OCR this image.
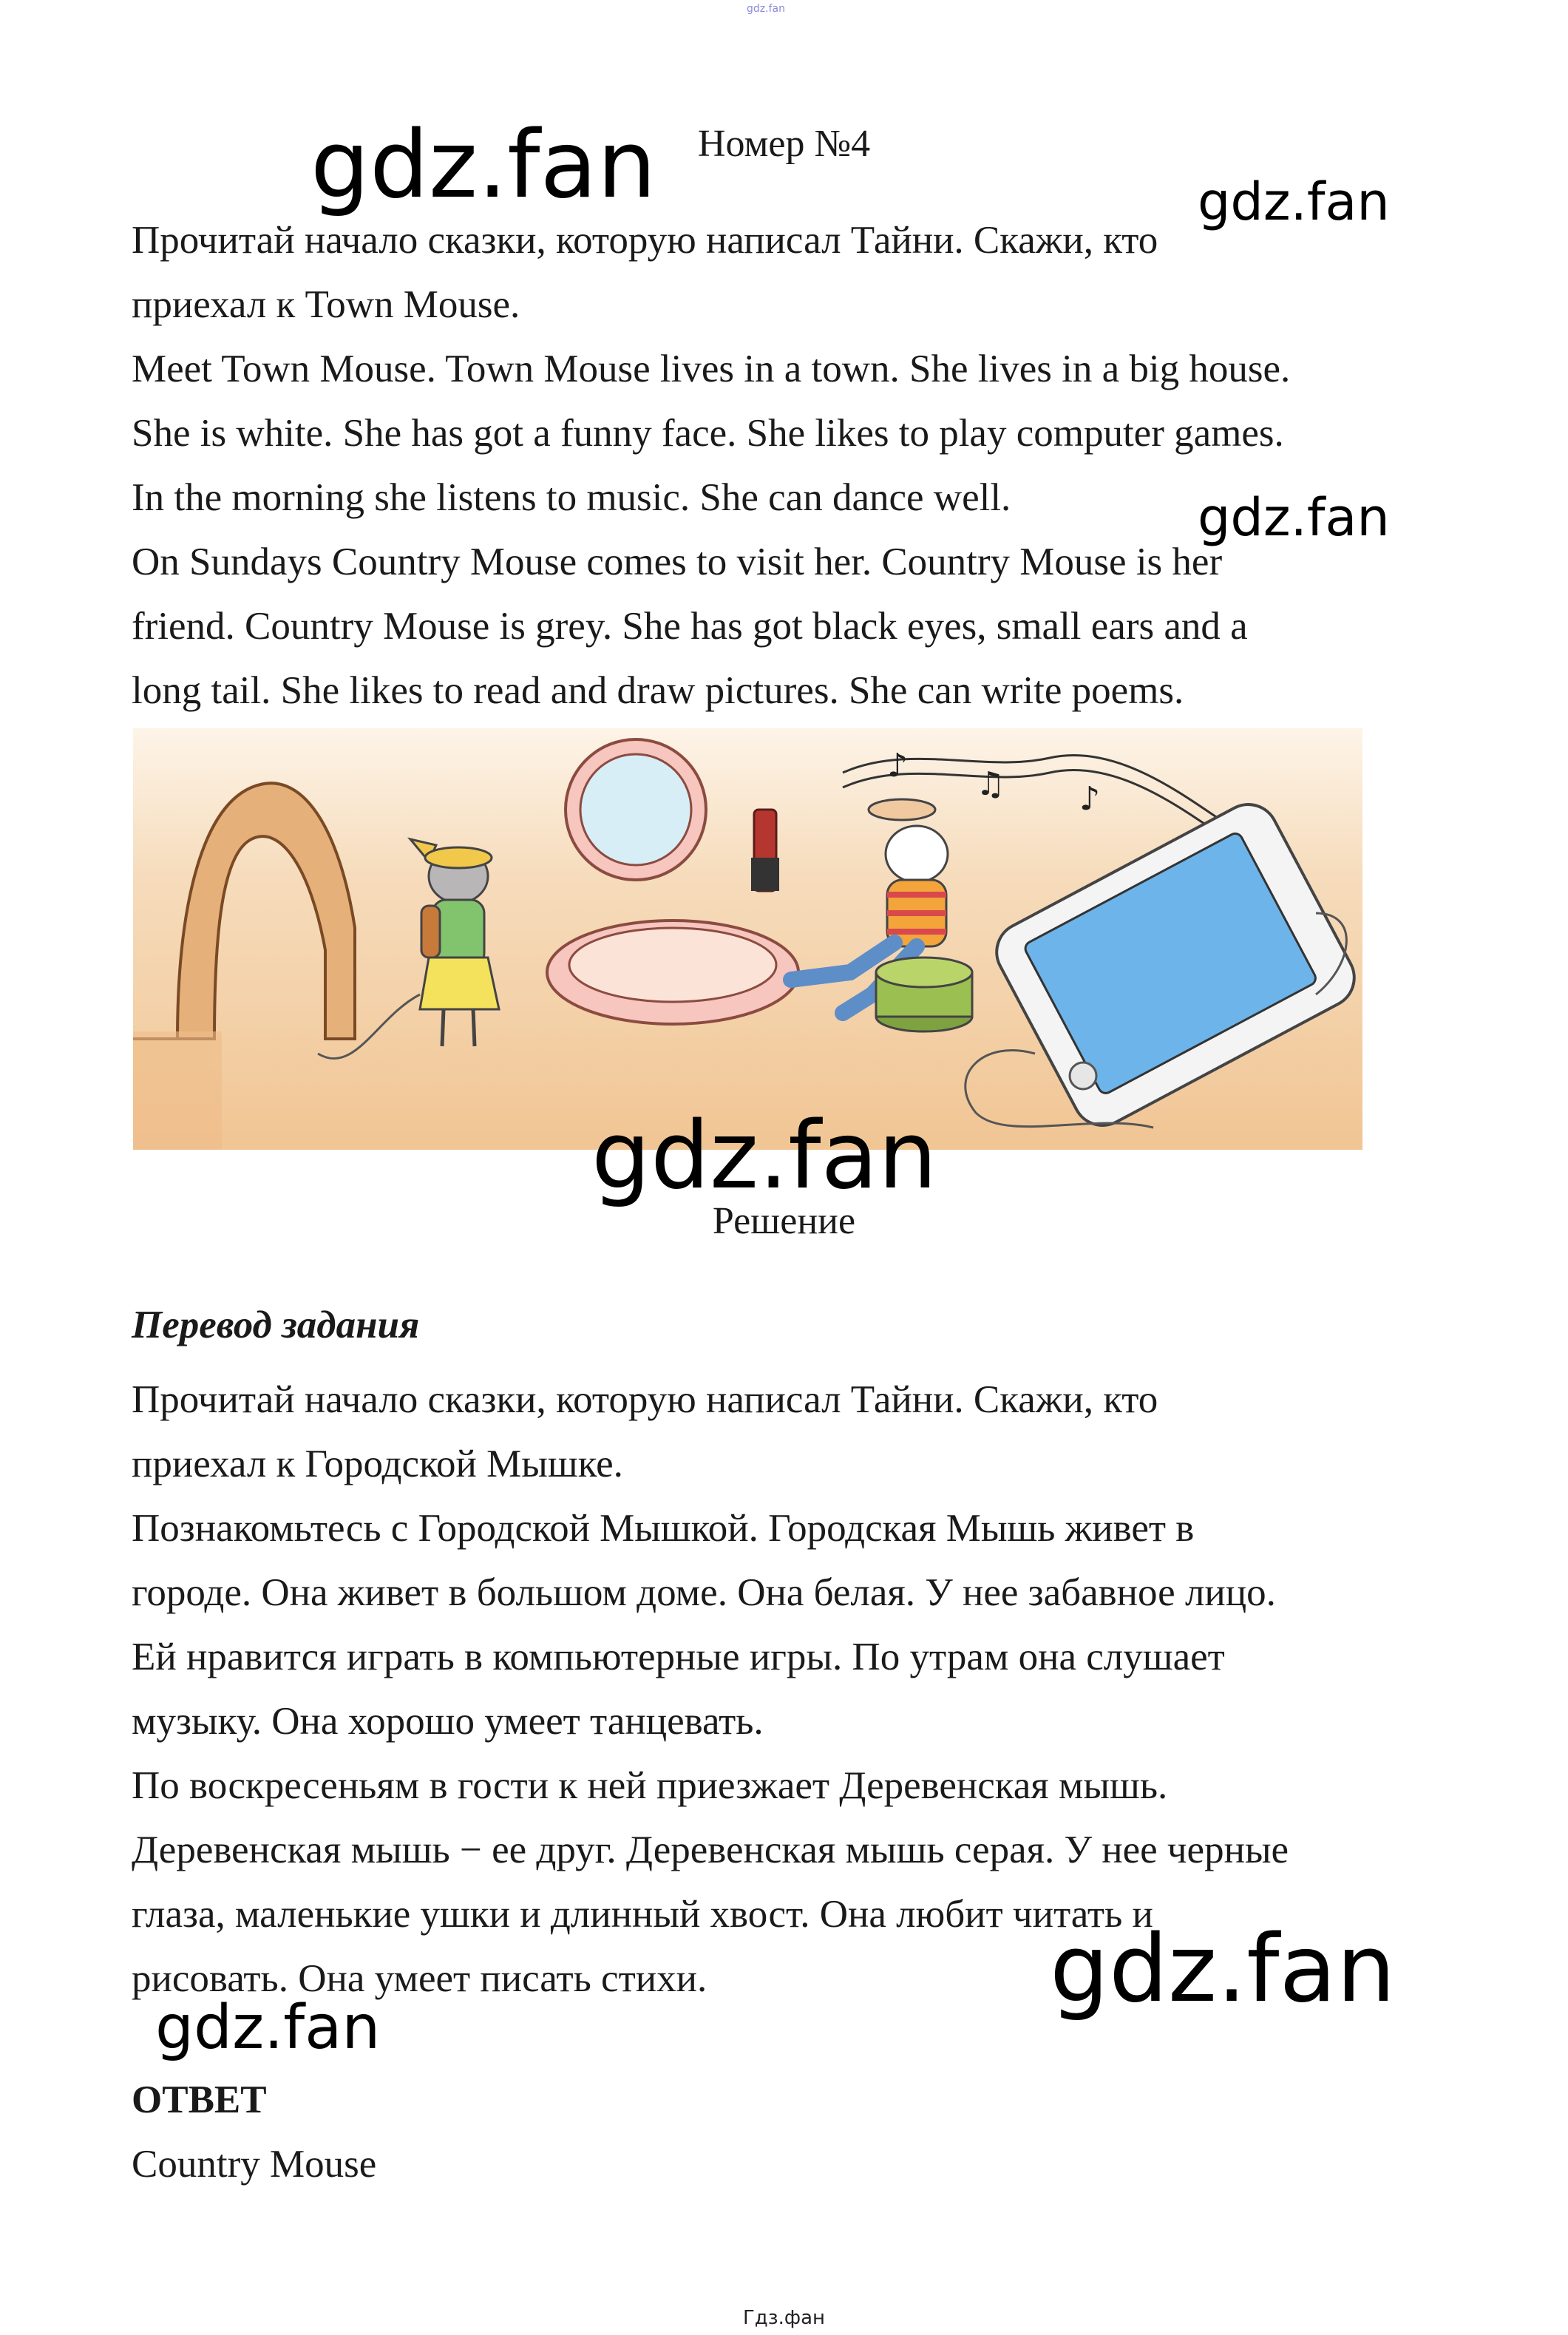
gdz.fan
Номер №4

Прочитай начало сказки, которую написал Тайни. Скажи, кто

приехал к Town Mouse.

Meet Town Mouse. Town Mouse lives in a town. She lives in a big house.

She is white. She has got a funny face. She likes to play computer games.

In the morning she listens to music. She can dance well.

On Sundays Country Mouse comes to visit her. Country Mouse is her

friend. Country Mouse is grey. She has got black eyes, small ears and a

long tail. She likes to read and draw pictures. She can write poems.

♪ ♫ ♪
Решение
Перевод задания

Прочитай начало сказки, которую написал Тайни. Скажи, кто

приехал к Городской Мышке.

Познакомьтесь с Городской Мышкой. Городская Мышь живет в

городе. Она живет в большом доме. Она белая. У нее забавное лицо.

Ей нравится играть в компьютерные игры. По утрам она слушает

музыку. Она хорошо умеет танцевать.

По воскресеньям в гости к ней приезжает Деревенская мышь.

Деревенская мышь − ее друг. Деревенская мышь серая. У нее черные

глаза, маленькие ушки и длинный хвост. Она любит читать и

рисовать. Она умеет писать стихи.

ОТВЕТ
Country Mouse
Гдз.фан
gdz.fan	gdz.fan
gdz.fan
gdz.fan
gdz.fan
gdz.fan
